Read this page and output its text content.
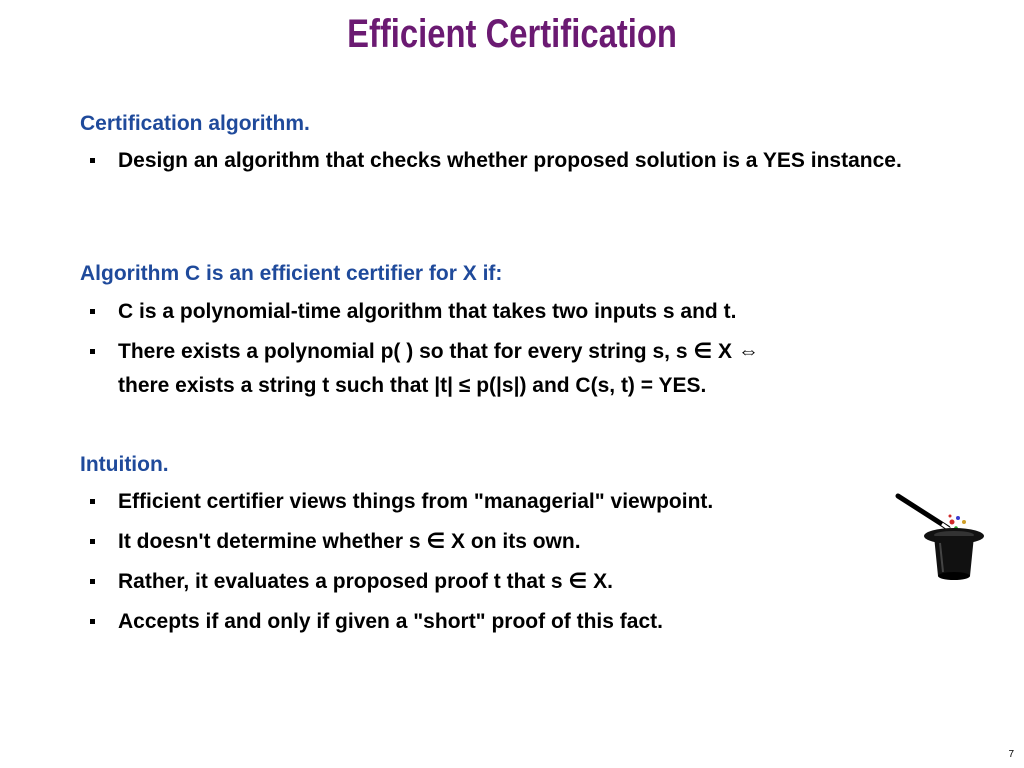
Efficient Certification
Certification algorithm.
Design an algorithm that checks whether proposed solution is a YES instance.
Algorithm C is an efficient certifier for X if:
C is a polynomial-time algorithm that takes two inputs s and t.
There exists a polynomial p( ) so that for every string s, s ∈ X ⇔
there exists a string t such that |t| ≤ p(|s|) and C(s, t) = YES.
Intuition.
Efficient certifier views things from "managerial" viewpoint.
It doesn't determine whether s ∈ X on its own.
Rather, it evaluates a proposed proof t that s ∈ X.
Accepts if and only if given a "short" proof of this fact.
7
